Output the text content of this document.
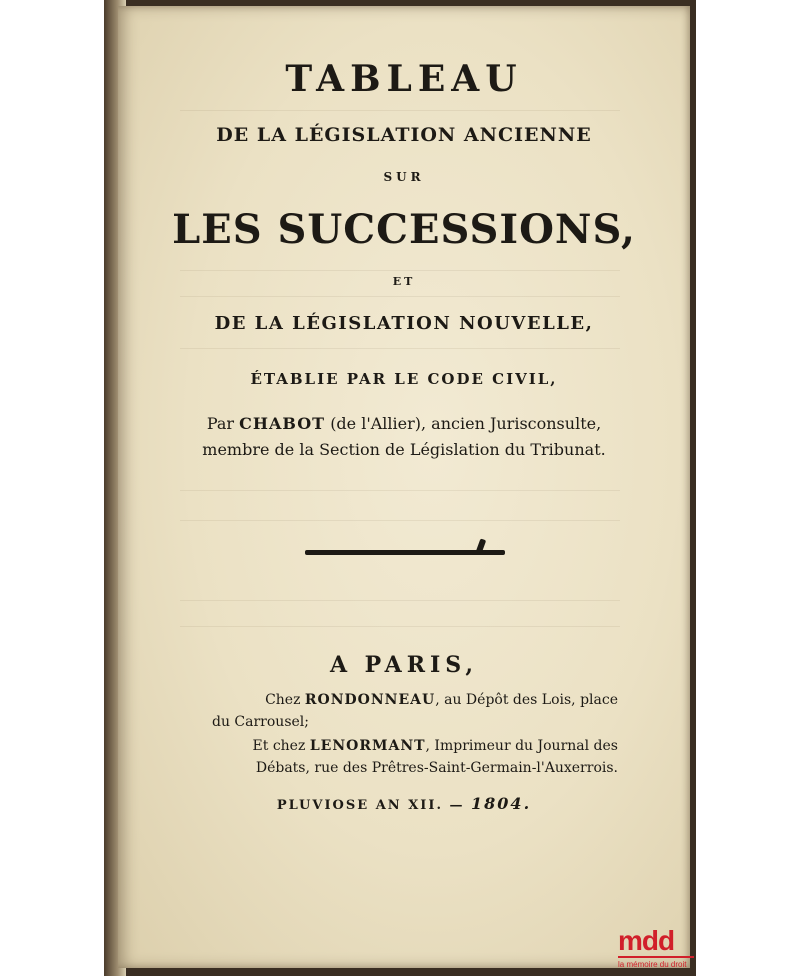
TABLEAU
DE LA LÉGISLATION ANCIENNE
SUR
LES SUCCESSIONS,
ET
DE LA LÉGISLATION NOUVELLE,
ÉTABLIE PAR LE CODE CIVIL,
Par CHABOT (de l'Allier), ancien Jurisconsulte,
membre de la Section de Législation du Tribunat.
A PARIS,
Chez RONDONNEAU, au Dépôt des Lois, place
du Carrousel;
Et chez LENORMANT, Imprimeur du Journal des
Débats, rue des Prêtres-Saint-Germain-l'Auxerrois.
PLUVIOSE AN XII. — 1804.
mdd
la mémoire du droit
